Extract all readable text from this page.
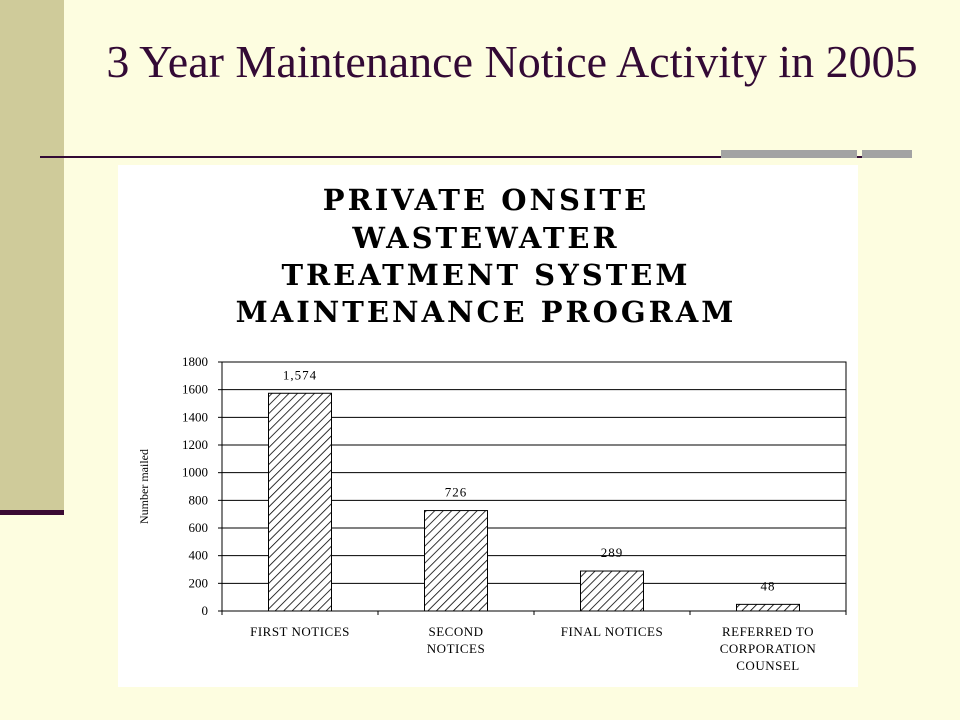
3 Year Maintenance Notice Activity in 2005
PRIVATE ONSITE
WASTEWATER
TREATMENT SYSTEM
MAINTENANCE PROGRAM
0
200
400
600
800
1000
1200
1400
1600
1800
Number mailed
1,574
FIRST NOTICES
726
SECOND
NOTICES
289
FINAL NOTICES
48
REFERRED TO
CORPORATION
COUNSEL
